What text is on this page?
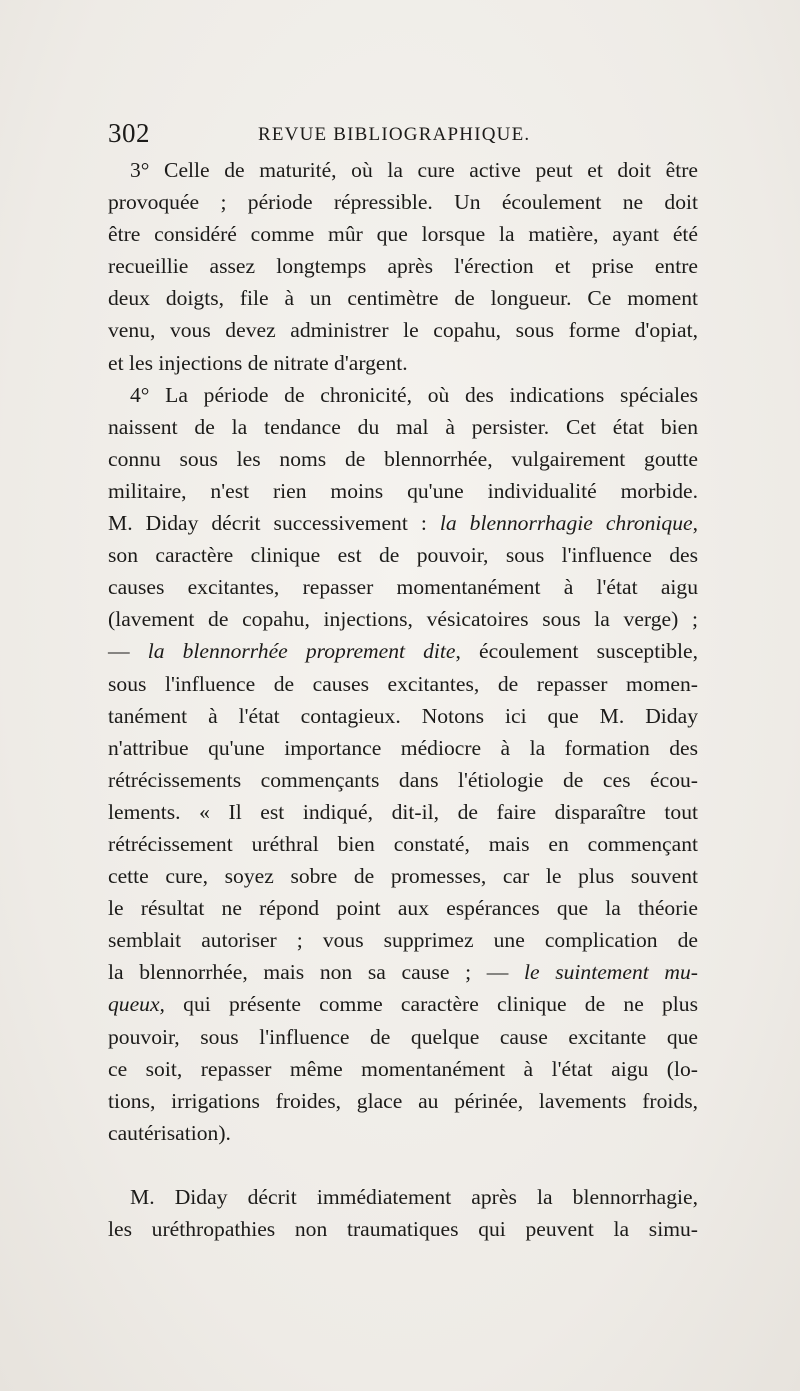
302	REVUE BIBLIOGRAPHIQUE.
3° Celle de maturité, où la cure active peut et doit être
provoquée ; période répressible. Un écoulement ne doit
être considéré comme mûr que lorsque la matière, ayant été
recueillie assez longtemps après l'érection et prise entre
deux doigts, file à un centimètre de longueur. Ce moment
venu, vous devez administrer le copahu, sous forme d'opiat,
et les injections de nitrate d'argent.
4° La période de chronicité, où des indications spéciales
naissent de la tendance du mal à persister. Cet état bien
connu sous les noms de blennorrhée, vulgairement goutte
militaire, n'est rien moins qu'une individualité morbide.
M. Diday décrit successivement : la blennorrhagie chronique,
son caractère clinique est de pouvoir, sous l'influence des
causes excitantes, repasser momentanément à l'état aigu
(lavement de copahu, injections, vésicatoires sous la verge) ;
— la blennorrhée proprement dite, écoulement susceptible,
sous l'influence de causes excitantes, de repasser momen-
tanément à l'état contagieux. Notons ici que M. Diday
n'attribue qu'une importance médiocre à la formation des
rétrécissements commençants dans l'étiologie de ces écou-
lements. « Il est indiqué, dit-il, de faire disparaître tout
rétrécissement uréthral bien constaté, mais en commençant
cette cure, soyez sobre de promesses, car le plus souvent
le résultat ne répond point aux espérances que la théorie
semblait autoriser ; vous supprimez une complication de
la blennorrhée, mais non sa cause ; — le suintement mu-
queux, qui présente comme caractère clinique de ne plus
pouvoir, sous l'influence de quelque cause excitante que
ce soit, repasser même momentanément à l'état aigu (lo-
tions, irrigations froides, glace au périnée, lavements froids,
cautérisation).
M. Diday décrit immédiatement après la blennorrhagie,
les uréthropathies non traumatiques qui peuvent la simu-
